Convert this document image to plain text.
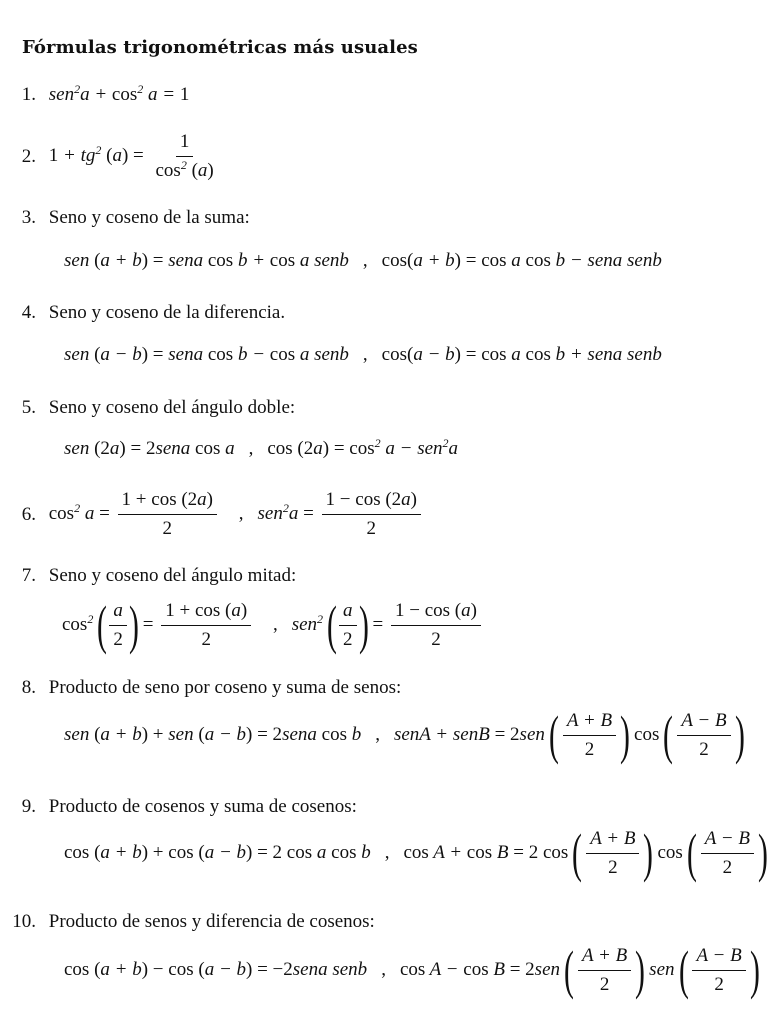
Fórmulas trigonométricas más usuales
1. $sen^2a + \cos^2 a = 1$
2. $1 + tg^2$ $(a) = \frac{1}{\cos^2 (a)}$
3. Seno y coseno de la suma:
sen (a + b) = sena cos b + cos a senb , cos(a + b) = cos a cos b − sena senb
4. Seno y coseno de la diferencia.
sen (a − b) = sena cos b − cos a senb , cos(a − b) = cos a cos b + sena senb
5. Seno y coseno del ángulo doble:
sen (2a) = 2sena cos a , $\cos (2a) = \cos^2 a - sen^2a$
6. $\cos^2 a = \frac{1 + \cos (2a)}{2}$ , $sen^2a = \frac{1 - \cos (2a)}{2}$
7. Seno y coseno del ángulo mitad:
$\cos^2( \frac{a}{2}$ ) = $\frac{1 + \cos (a)}{2}$ , $sen^2( \frac{a}{2}$ ) = $\frac{1 - \cos (a)}{2}$
8. Producto de seno por coseno y suma de senos:
sen (a + b) + sen (a − b) = 2sena cos b , senA + senB = $2sen( \frac{A + B}{2}$ ) $\cos( \frac{A - B}{2}$ )
9. Producto de cosenos y suma de cosenos:
cos (a + b) + cos (a − b) = 2 cos a cos b , cos A + cos B = 2 $\cos( \frac{A + B}{2}$ ) $\cos( \frac{A - B}{2}$ )
10. Producto de senos y diferencia de cosenos:
cos (a + b) − cos (a − b) = −2sena senb , $\cos A - \cos B = 2sen( \frac{A + B}{2}$ ) $sen( \frac{A - B}{2}$ )
